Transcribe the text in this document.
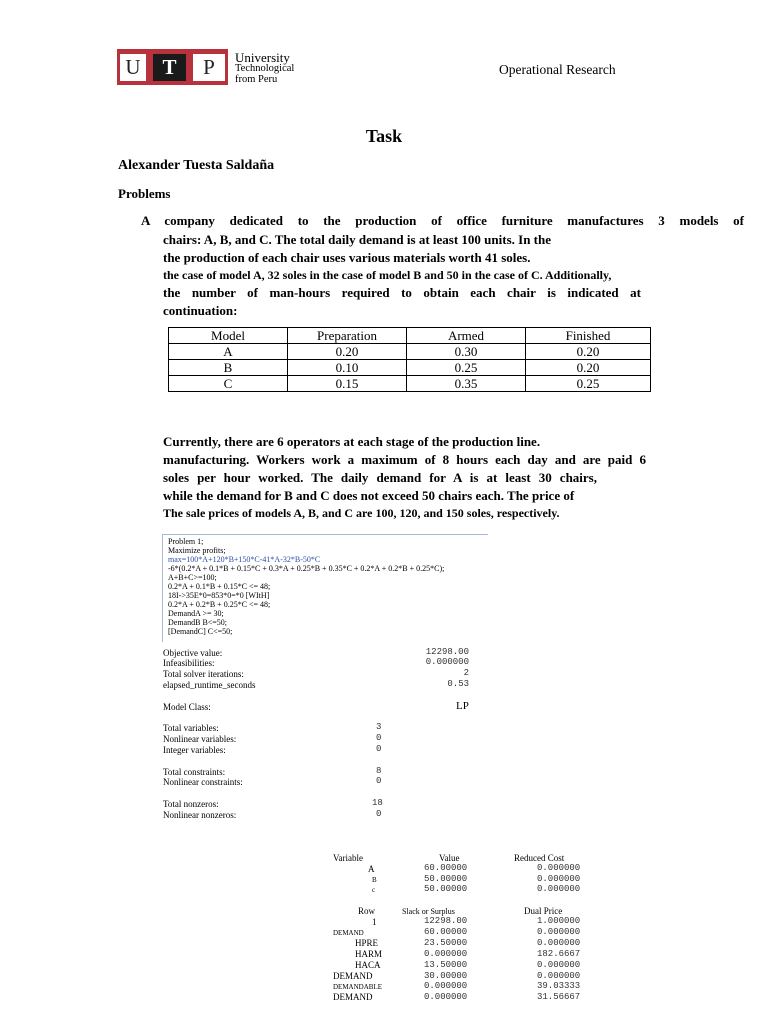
U	T	P	University
Technological
from Peru
Operational Research
Task
Alexander Tuesta Saldaña
Problems
A company dedicated to the production of office furniture manufactures 3 models of
chairs: A, B, and C. The total daily demand is at least 100 units. In the
the production of each chair uses various materials worth 41 soles.
the case of model A, 32 soles in the case of model B and 50 in the case of C. Additionally,
the number of man-hours required to obtain each chair is indicated at
continuation:
Model	Preparation	Armed	Finished
A	0.20	0.30	0.20
B	0.10	0.25	0.20
C	0.15	0.35	0.25
Currently, there are 6 operators at each stage of the production line.
manufacturing. Workers work a maximum of 8 hours each day and are paid 6
soles per hour worked. The daily demand for A is at least 30 chairs,
while the demand for B and C does not exceed 50 chairs each. The price of
The sale prices of models A, B, and C are 100, 120, and 150 soles, respectively.
Problem 1;
Maximize profits;
max=100*A+120*B+150*C-41*A-32*B-50*C
-6*(0.2*A + 0.1*B + 0.15*C + 0.3*A + 0.25*B + 0.35*C + 0.2*A + 0.2*B + 0.25*C);
A+B+C>=100;
0.2*A + 0.1*B + 0.15*C <= 48;
18I->35E*0=853*0=*0 [WItH]
0.2*A + 0.2*B + 0.25*C <= 48;
DemandA >= 30;
DemandB B<=50;
[DemandC] C<=50;
Objective value:	12298.00
Infeasibilities:	0.000000
Total solver iterations:	2
elapsed_runtime_seconds	0.53
Model Class:	LP
Total variables:	3
Nonlinear variables:	0
Integer variables:	0
Total constraints:	8
Nonlinear constraints:	0
Total nonzeros:	18
Nonlinear nonzeros:	0
Variable	Value	Reduced Cost
A	60.00000	0.000000
B	50.00000	0.000000
c	50.00000	0.000000
Row	Slack or Surplus	Dual Price
1	12298.00	1.000000
DEMAND	60.00000	0.000000
HPRE	23.50000	0.000000
HARM	0.000000	182.6667
HACA	13.50000	0.000000
DEMAND	30.00000	0.000000
DEMANDABLE	0.000000	39.03333
DEMAND	0.000000	31.56667
